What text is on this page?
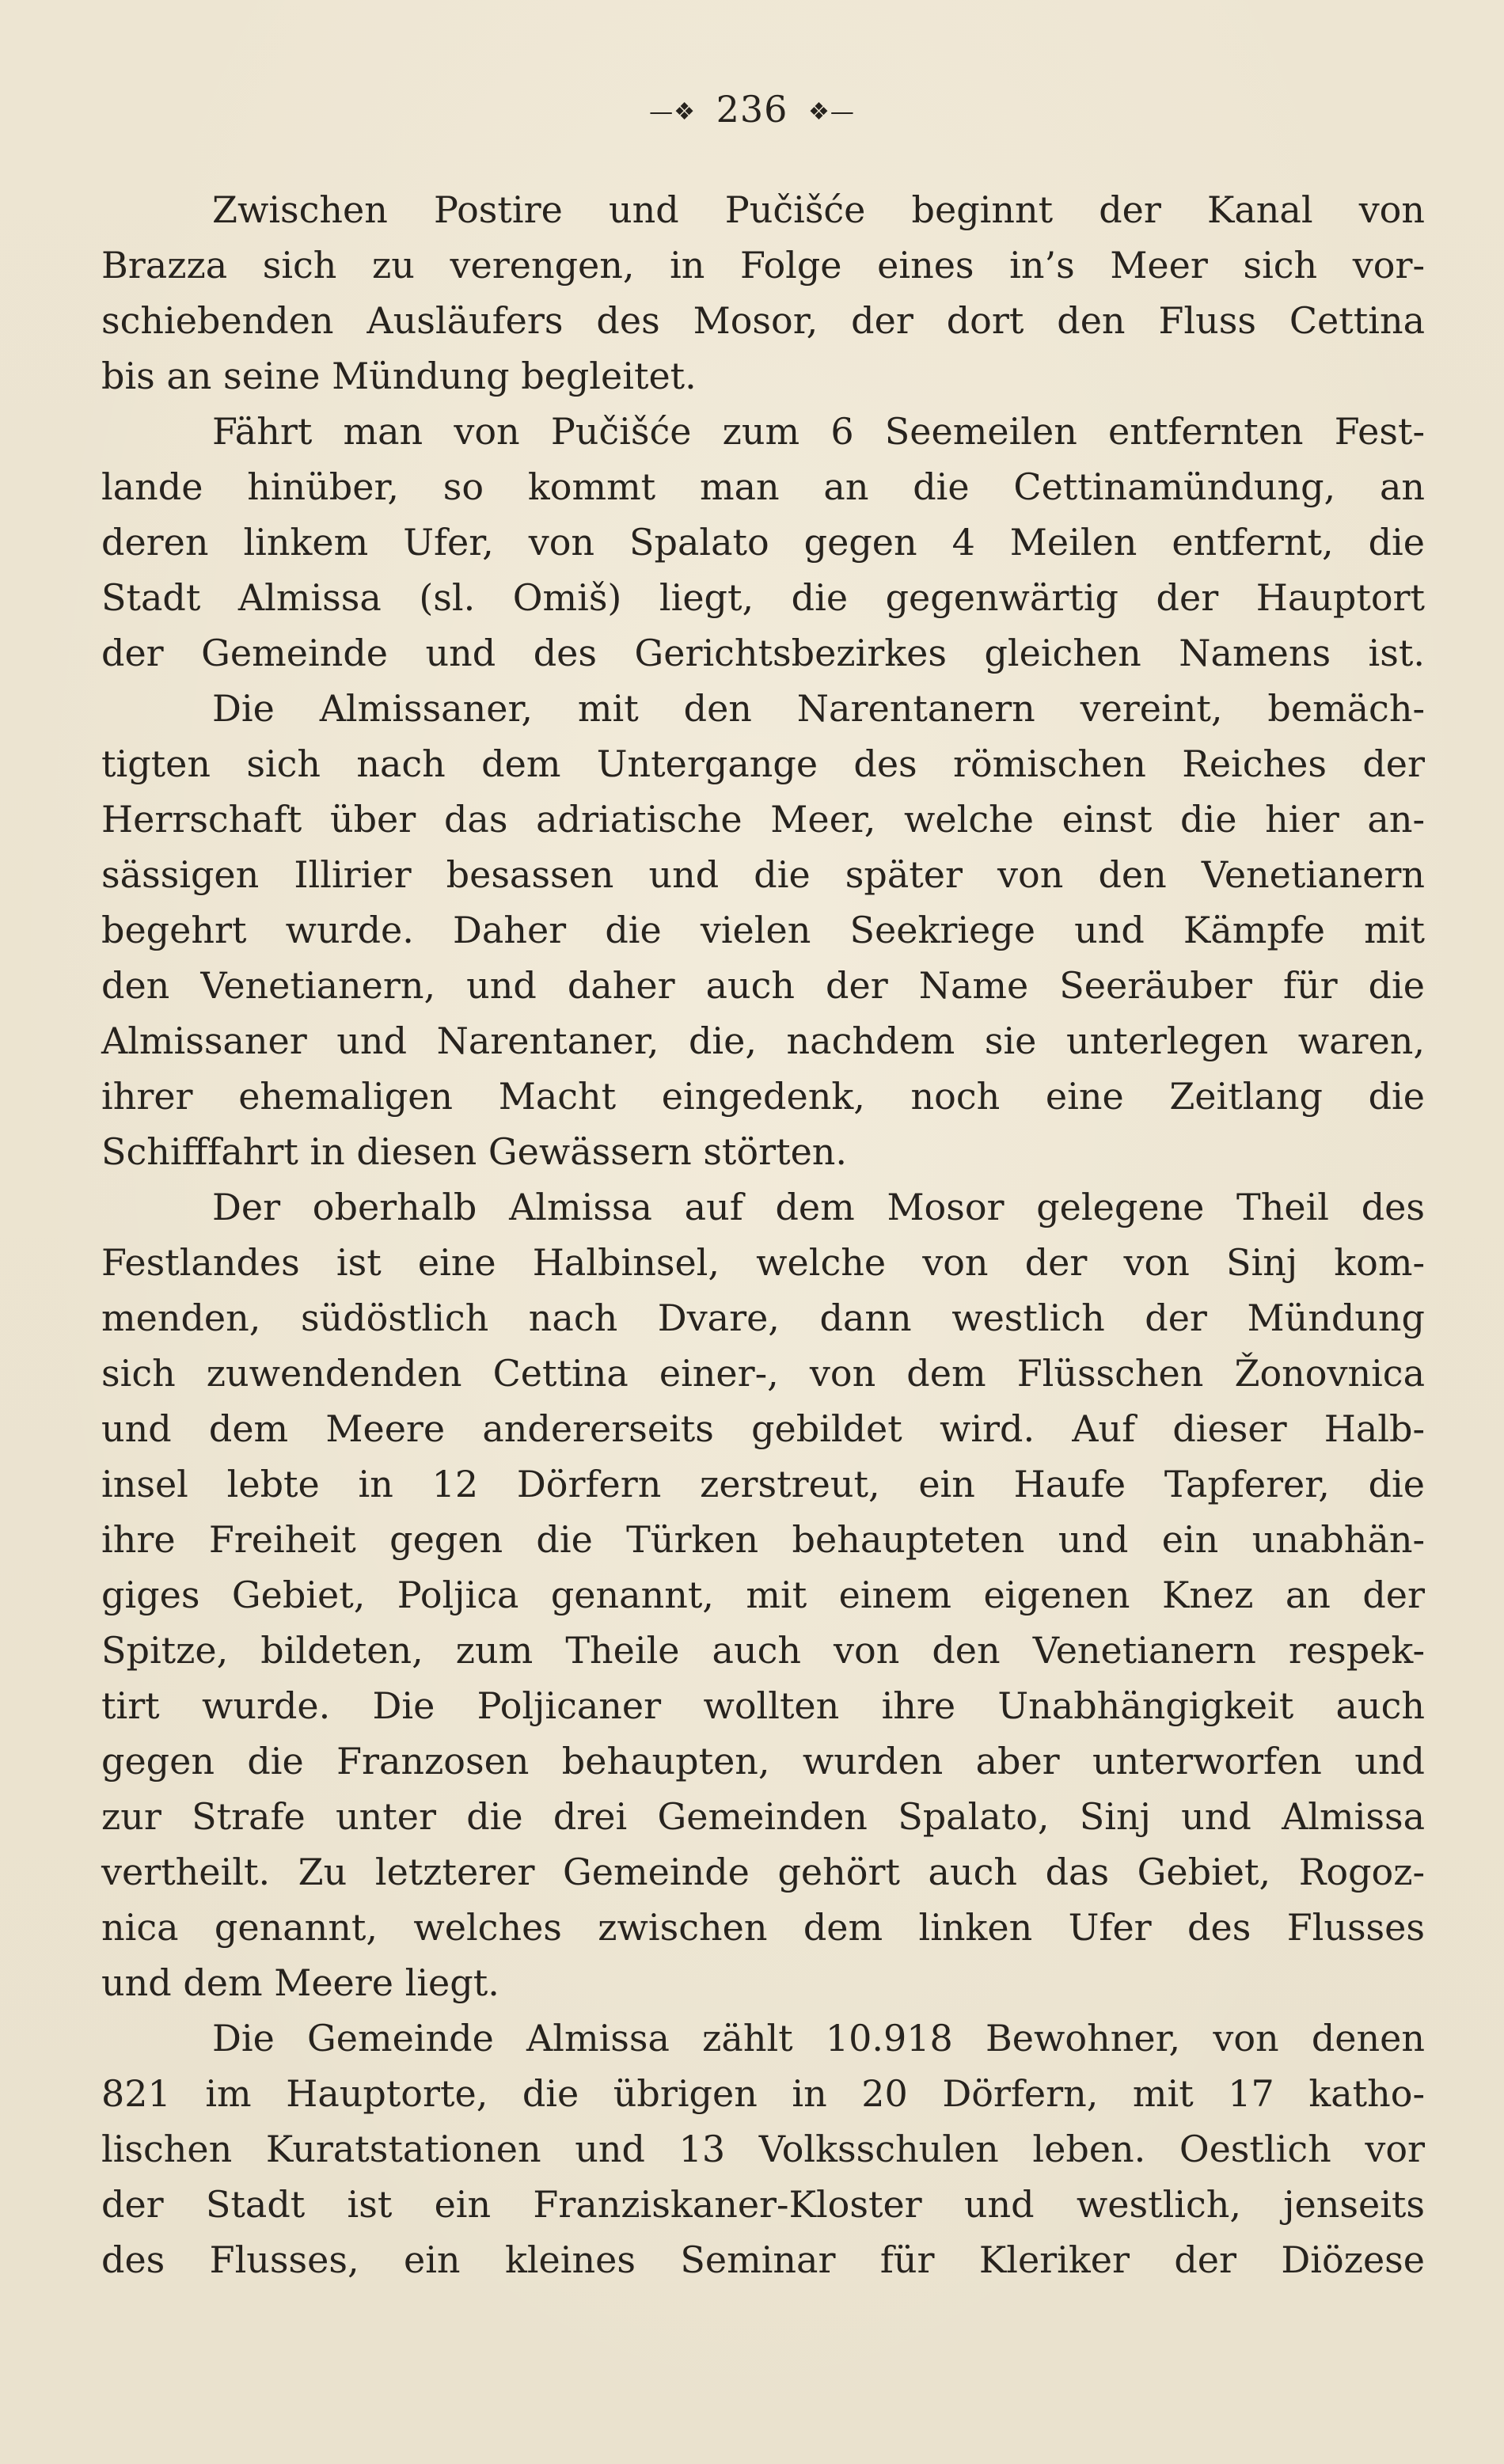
—❖ 236 ❖—
Zwischen Postire und Pučišće beginnt der Kanal von
Brazza sich zu verengen, in Folge eines in’s Meer sich vor-
schiebenden Ausläufers des Mosor, der dort den Fluss Cettina
bis an seine Mündung begleitet.
Fährt man von Pučišće zum 6 Seemeilen entfernten Fest-
lande hinüber, so kommt man an die Cettinamündung, an
deren linkem Ufer, von Spalato gegen 4 Meilen entfernt, die
Stadt Almissa (sl. Omiš) liegt, die gegenwärtig der Hauptort
der Gemeinde und des Gerichtsbezirkes gleichen Namens ist.
Die Almissaner, mit den Narentanern vereint, bemäch-
tigten sich nach dem Untergange des römischen Reiches der
Herrschaft über das adriatische Meer, welche einst die hier an-
sässigen Illirier besassen und die später von den Venetianern
begehrt wurde. Daher die vielen Seekriege und Kämpfe mit
den Venetianern, und daher auch der Name Seeräuber für die
Almissaner und Narentaner, die, nachdem sie unterlegen waren,
ihrer ehemaligen Macht eingedenk, noch eine Zeitlang die
Schifffahrt in diesen Gewässern störten.
Der oberhalb Almissa auf dem Mosor gelegene Theil des
Festlandes ist eine Halbinsel, welche von der von Sinj kom-
menden, südöstlich nach Dvare, dann westlich der Mündung
sich zuwendenden Cettina einer-, von dem Flüsschen Žonovnica
und dem Meere andererseits gebildet wird. Auf dieser Halb-
insel lebte in 12 Dörfern zerstreut, ein Haufe Tapferer, die
ihre Freiheit gegen die Türken behaupteten und ein unabhän-
giges Gebiet, Poljica genannt, mit einem eigenen Knez an der
Spitze, bildeten, zum Theile auch von den Venetianern respek-
tirt wurde. Die Poljicaner wollten ihre Unabhängigkeit auch
gegen die Franzosen behaupten, wurden aber unterworfen und
zur Strafe unter die drei Gemeinden Spalato, Sinj und Almissa
vertheilt. Zu letzterer Gemeinde gehört auch das Gebiet, Rogoz-
nica genannt, welches zwischen dem linken Ufer des Flusses
und dem Meere liegt.
Die Gemeinde Almissa zählt 10.918 Bewohner, von denen
821 im Hauptorte, die übrigen in 20 Dörfern, mit 17 katho-
lischen Kuratstationen und 13 Volksschulen leben. Oestlich vor
der Stadt ist ein Franziskaner-Kloster und westlich, jenseits
des Flusses, ein kleines Seminar für Kleriker der Diözese
